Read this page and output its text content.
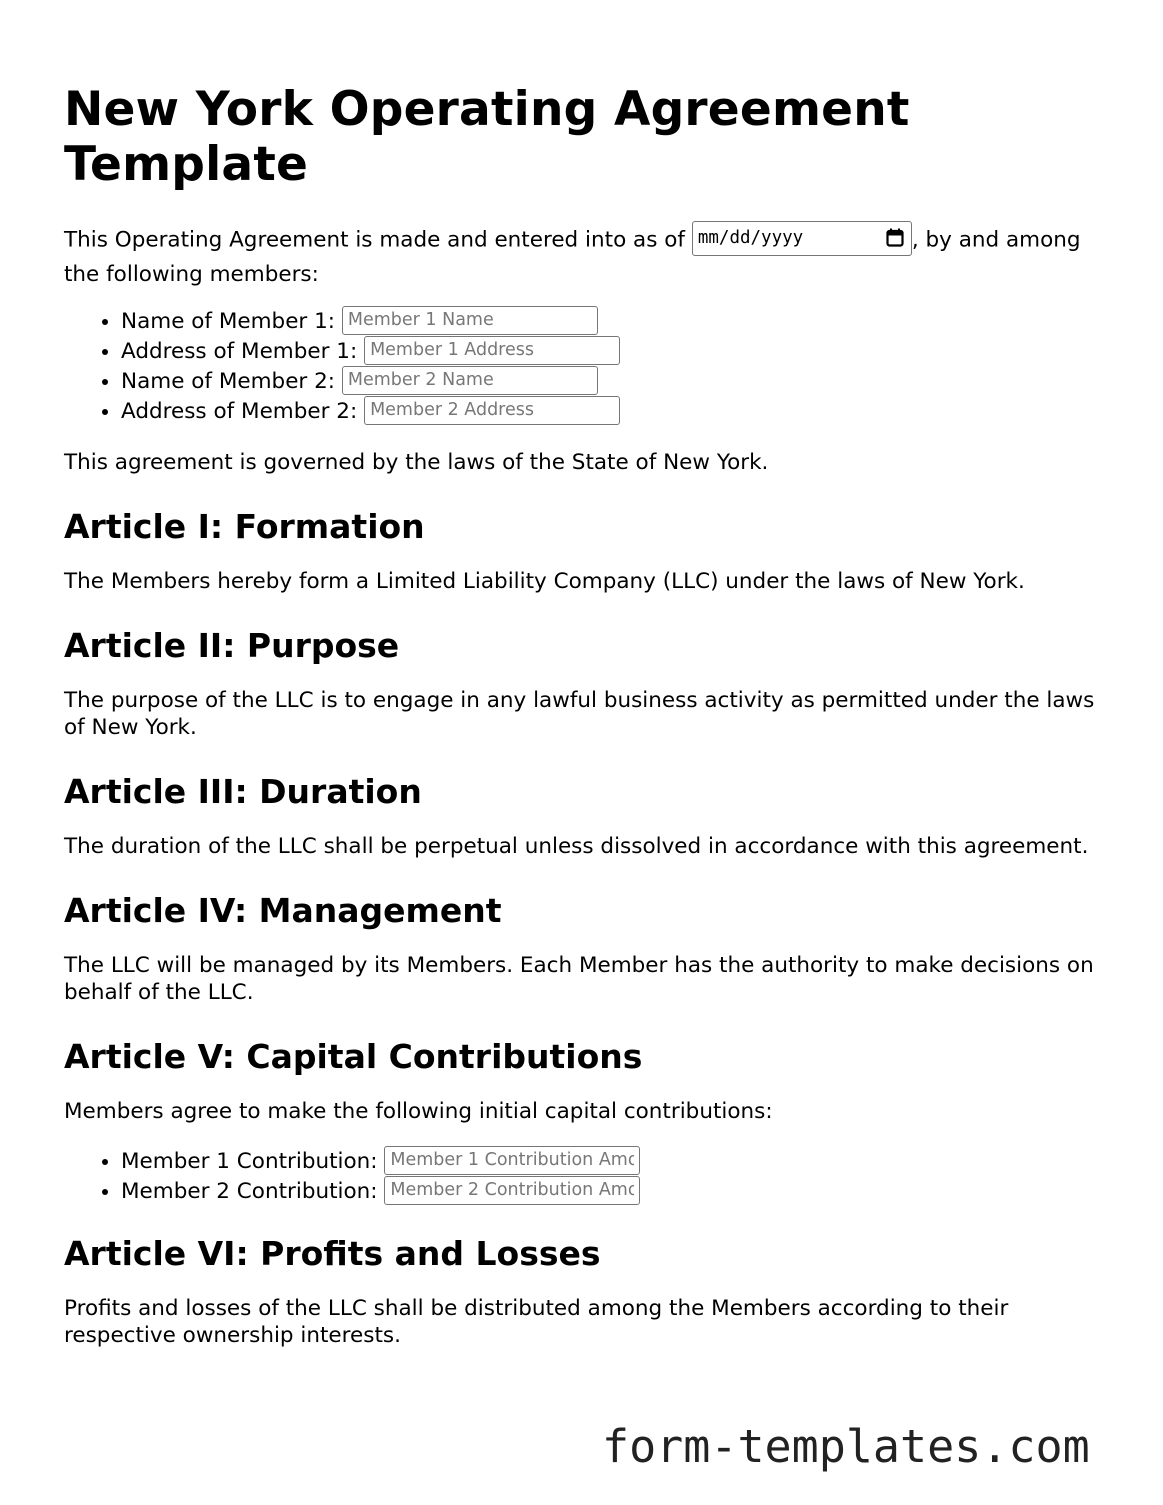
New York Operating Agreement Template

This Operating Agreement is made and entered into as of mm/dd/yyyy	, by and among the following members:

• Name of Member 1: Member 1 Name
• Address of Member 1: Member 1 Address
• Name of Member 2: Member 2 Name
• Address of Member 2: Member 2 Address

This agreement is governed by the laws of the State of New York.

Article I: Formation

The Members hereby form a Limited Liability Company (LLC) under the laws of New York.

Article II: Purpose

The purpose of the LLC is to engage in any lawful business activity as permitted under the laws of New York.

Article III: Duration

The duration of the LLC shall be perpetual unless dissolved in accordance with this agreement.

Article IV: Management

The LLC will be managed by its Members. Each Member has the authority to make decisions on behalf of the LLC.

Article V: Capital Contributions

Members agree to make the following initial capital contributions:

• Member 1 Contribution: Member 1 Contribution Amount
• Member 2 Contribution: Member 2 Contribution Amount
Article VI: Profits and Losses

Profits and losses of the LLC shall be distributed among the Members according to their respective ownership interests.

form-templates.com
